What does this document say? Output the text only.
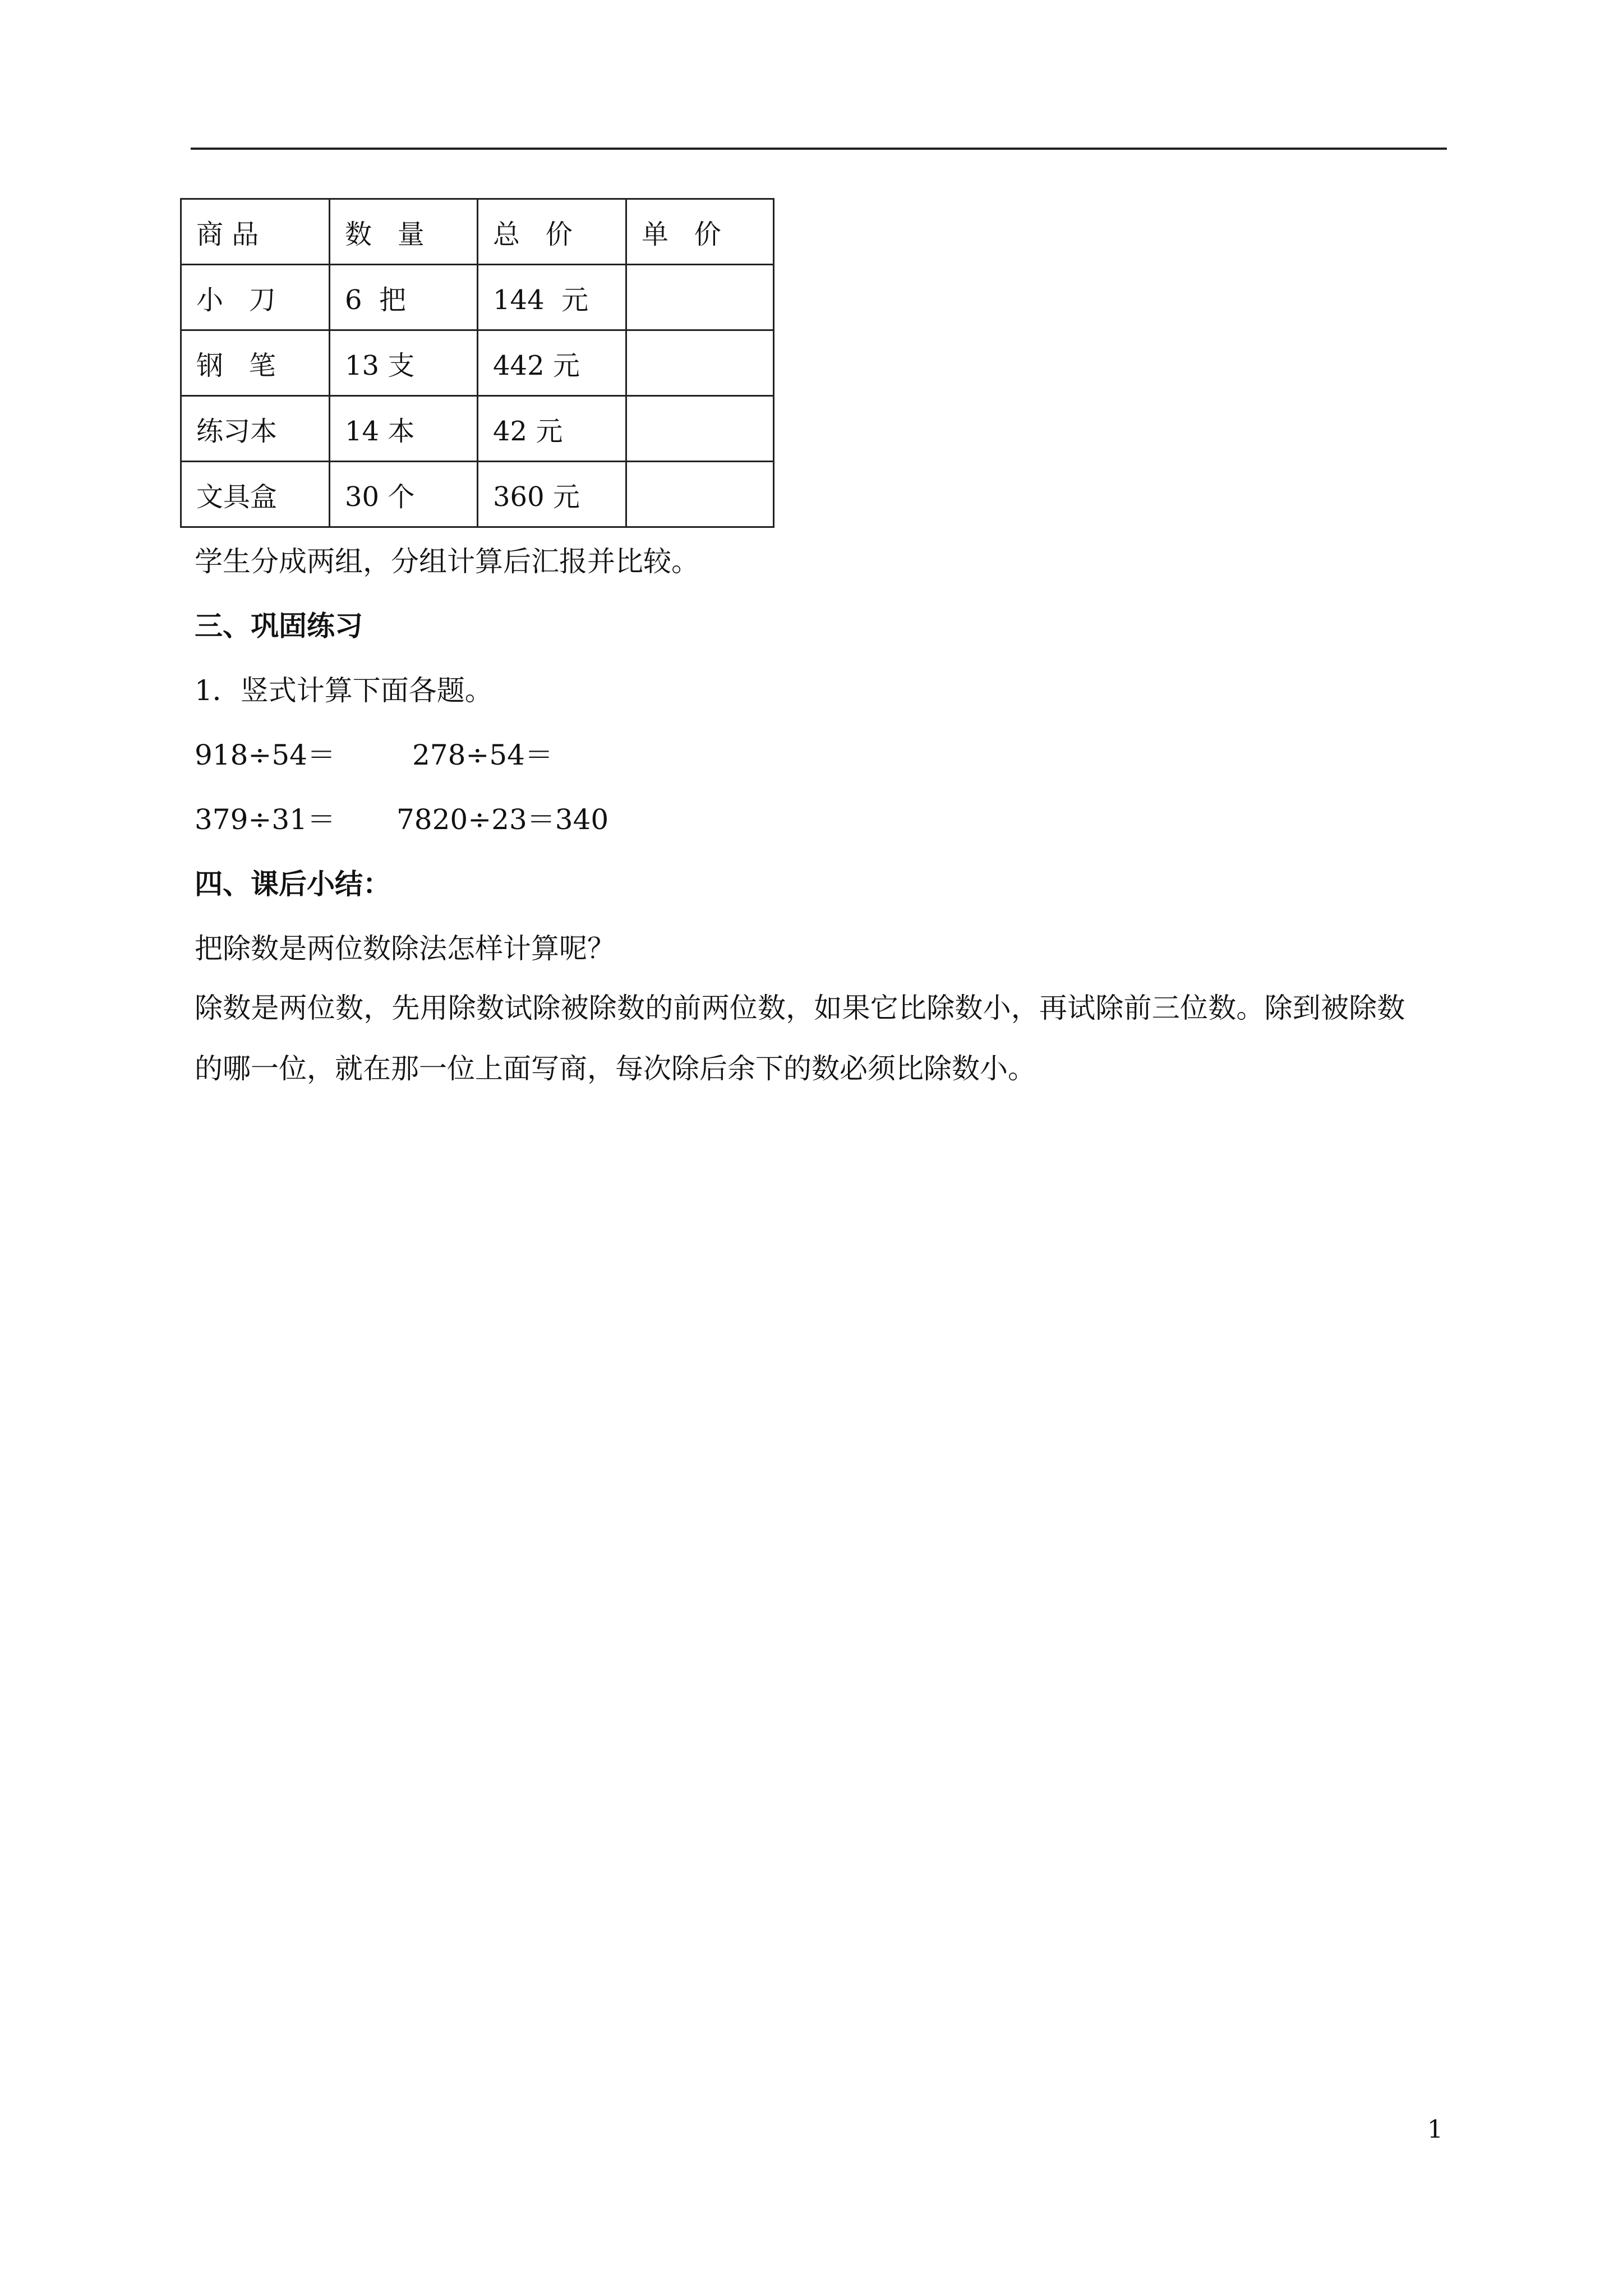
商 品	数   量	总   价	单   价
小   刀	6  把	144  元	
钢   笔	13 支	442 元	
练习本	14 本	42 元	
文具盒	30 个	360 元	
学生分成两组，分组计算后汇报并比较。
三、巩固练习
1．竖式计算下面各题。
918÷54＝	278÷54＝
379÷31＝ 7820÷23＝340
四、课后小结：
把除数是两位数除法怎样计算呢？
除数是两位数，先用除数试除被除数的前两位数，如果它比除数小，再试除前三位数。除到被除数
的哪一位，就在那一位上面写商，每次除后余下的数必须比除数小。
1
